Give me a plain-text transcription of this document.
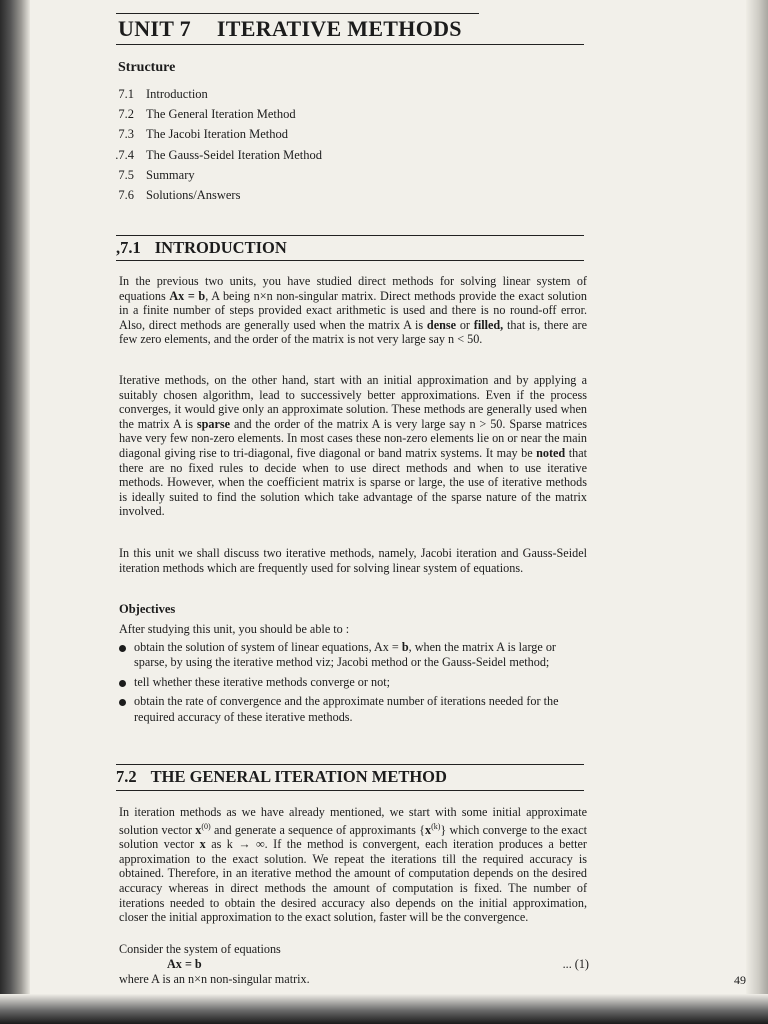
UNIT 7 ITERATIVE METHODS
Structure
7.1 Introduction
7.2 The General Iteration Method
7.3 The Jacobi Iteration Method
.7.4 The Gauss-Seidel Iteration Method
7.5 Summary
7.6 Solutions/Answers
,7.1 INTRODUCTION

In the previous two units, you have studied direct methods for solving linear system of equations Ax = b, A being n×n non-singular matrix. Direct methods provide the exact solution in a finite number of steps provided exact arithmetic is used and there is no round-off error. Also, direct methods are generally used when the matrix A is dense or filled, that is, there are few zero elements, and the order of the matrix is not very large say n < 50.

Iterative methods, on the other hand, start with an initial approximation and by applying a suitably chosen algorithm, lead to successively better approximations. Even if the process converges, it would give only an approximate solution. These methods are generally used when the matrix A is sparse and the order of the matrix A is very large say n > 50. Sparse matrices have very few non-zero elements. In most cases these non-zero elements lie on or near the main diagonal giving rise to tri-diagonal, five diagonal or band matrix systems. It may be noted that there are no fixed rules to decide when to use direct methods and when to use iterative methods. However, when the coefficient matrix is sparse or large, the use of iterative methods is ideally suited to find the solution which take advantage of the sparse nature of the matrix involved.

In this unit we shall discuss two iterative methods, namely, Jacobi iteration and Gauss-Seidel iteration methods which are frequently used for solving linear system of equations.

Objectives

After studying this unit, you should be able to :

obtain the solution of system of linear equations, Ax = b, when the matrix A is large or sparse, by using the iterative method viz; Jacobi method or the Gauss-Seidel method;
tell whether these iterative methods converge or not;
obtain the rate of convergence and the approximate number of iterations needed for the required accuracy of these iterative methods.
7.2 THE GENERAL ITERATION METHOD

In iteration methods as we have already mentioned, we start with some initial approximate solution vector $x^{(0)}$ and generate a sequence of approximants $\{x^{(k)}\}$ which converge to the exact solution vector x as k → ∞. If the method is convergent, each iteration produces a better approximation to the exact solution. We repeat the iterations till the required accuracy is obtained. Therefore, in an iterative method the amount of computation depends on the desired accuracy whereas in direct methods the amount of computation is fixed. The number of iterations needed to obtain the desired accuracy also depends on the initial approximation, closer the initial approximation to the exact solution, faster will be the convergence.

Consider the system of equations
Ax = b	... (1)
where A is an n×n non-singular matrix.	49
